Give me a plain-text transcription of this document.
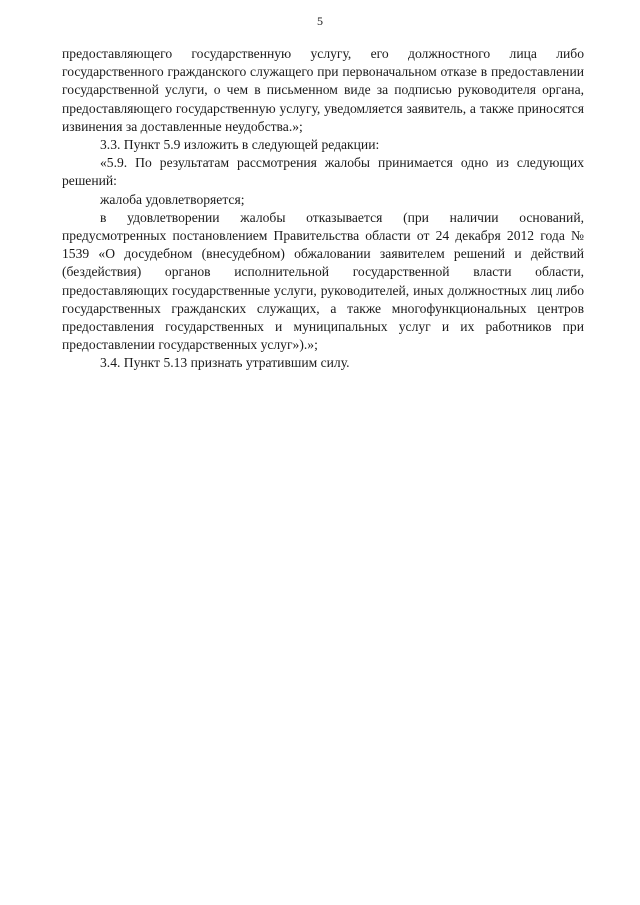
5

предоставляющего государственную услугу, его должностного лица либо государственного гражданского служащего при первоначальном отказе в предоставлении государственной услуги, о чем в письменном виде за подписью руководителя органа, предоставляющего государственную услугу, уведомляется заявитель, а также приносятся извинения за доставленные неудобства.»;

3.3. Пункт 5.9 изложить в следующей редакции:

«5.9. По результатам рассмотрения жалобы принимается одно из следующих решений:

жалоба удовлетворяется;

в удовлетворении жалобы отказывается (при наличии оснований, предусмотренных постановлением Правительства области от 24 декабря 2012 года № 1539 «О досудебном (внесудебном) обжаловании заявителем решений и действий (бездействия) органов исполнительной государственной власти области, предоставляющих государственные услуги, руководителей, иных должностных лиц либо государственных гражданских служащих, а также многофункциональных центров предоставления государственных и муниципальных услуг и их работников при предоставлении государственных услуг»).»;

3.4. Пункт 5.13 признать утратившим силу.
